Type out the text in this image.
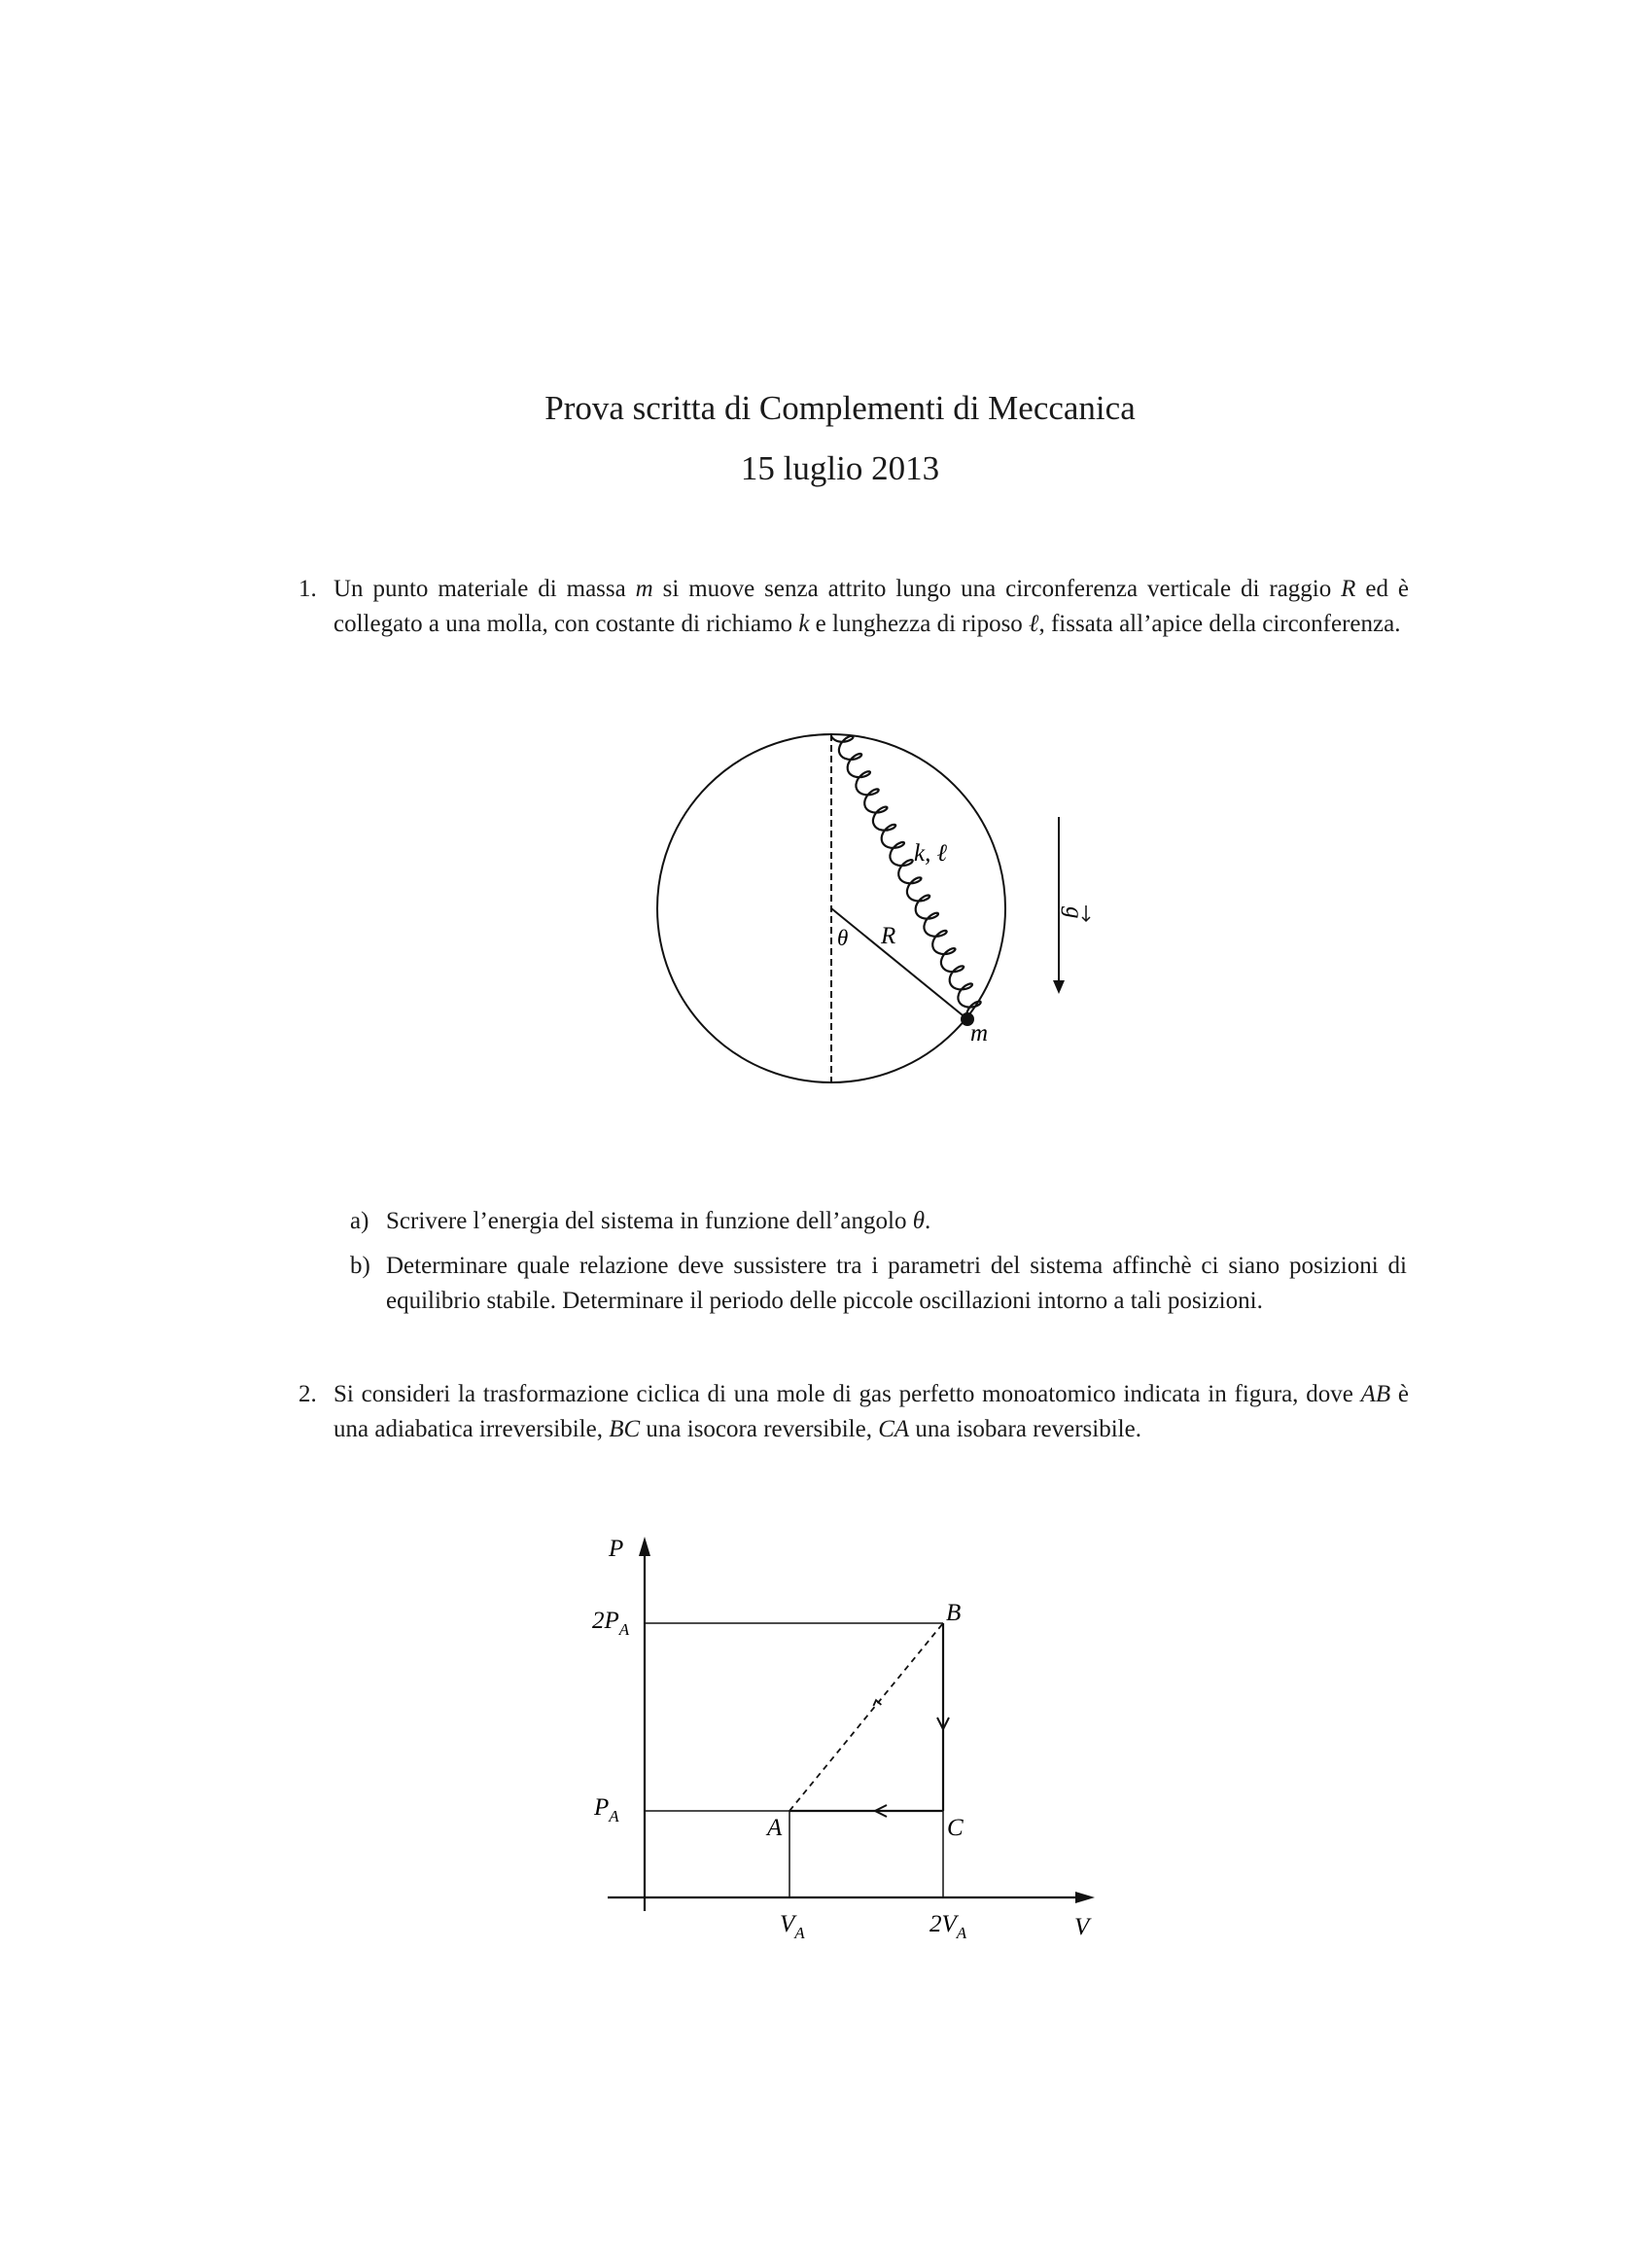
Prova scritta di Complementi di Meccanica
15 luglio 2013
1. Un punto materiale di massa m si muove senza attrito lungo una circonferenza verticale di raggio R ed è collegato a una molla, con costante di richiamo k e lunghezza di riposo ℓ, fissata all’apice della circonferenza.
k, ℓ
R
θ
m
g
a) Scrivere l’energia del sistema in funzione dell’angolo θ.
b) Determinare quale relazione deve sussistere tra i parametri del sistema affinchè ci siano posizioni di equilibrio stabile. Determinare il periodo delle piccole oscillazioni intorno a tali posizioni.
2. Si consideri la trasformazione ciclica di una mole di gas perfetto monoatomico indicata in figura, dove AB è una adiabatica irreversibile, BC una isocora reversibile, CA una isobara reversibile.
P
V
$2P_A$
$P_A$
$V_A$	$2V_A$
A
B
C
